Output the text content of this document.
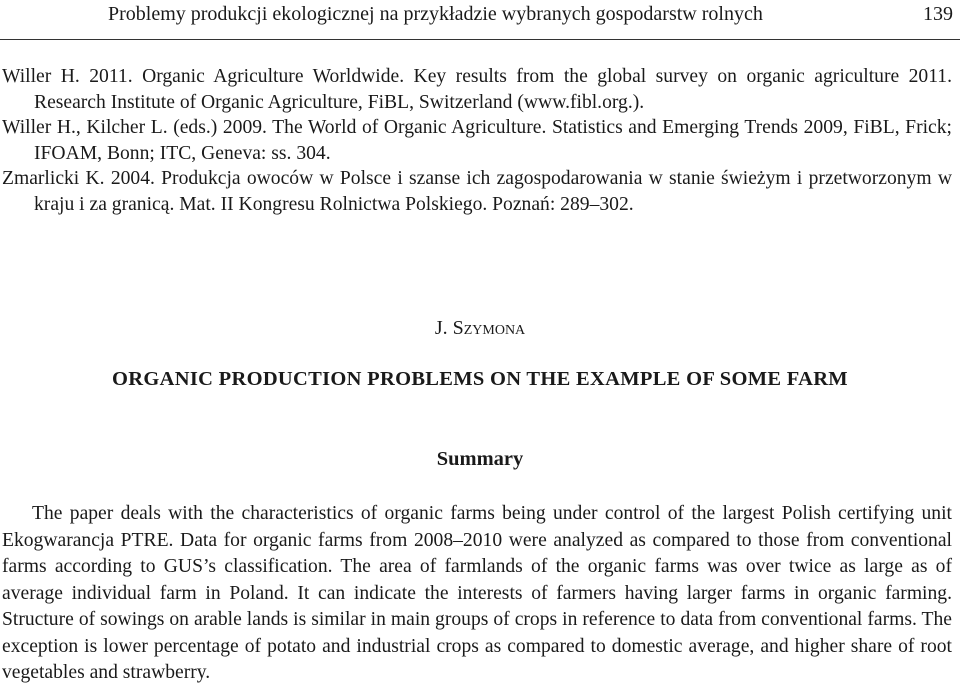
Problemy produkcji ekologicznej na przykładzie wybranych gospodarstw rolnych	139

Willer H. 2011. Organic Agriculture Worldwide. Key results from the global survey on organic agriculture 2011. Research Institute of Organic Agriculture, FiBL, Switzerland (www.fibl.org.).

Willer H., Kilcher L. (eds.) 2009. The World of Organic Agriculture. Statistics and Emerging Trends 2009, FiBL, Frick; IFOAM, Bonn; ITC, Geneva: ss. 304.

Zmarlicki K. 2004. Produkcja owoców w Polsce i szanse ich zagospodarowania w stanie świeżym i przetworzonym w kraju i za granicą. Mat. II Kongresu Rolnictwa Polskiego. Poznań: 289–302.

J. Szymona
ORGANIC PRODUCTION PROBLEMS ON THE EXAMPLE OF SOME FARM
Summary

The paper deals with the characteristics of organic farms being under control of the largest Polish certifying unit Ekogwarancja PTRE. Data for organic farms from 2008–2010 were analyzed as compared to those from conventional farms according to GUS’s classification. The area of farmlands of the organic farms was over twice as large as of average individual farm in Poland. It can indicate the interests of farmers having larger farms in organic farming. Structure of sowings on arable lands is similar in main groups of crops in reference to data from conventional farms. The exception is lower percentage of potato and industrial crops as compared to domestic average, and higher share of root vegetables and strawberry.
